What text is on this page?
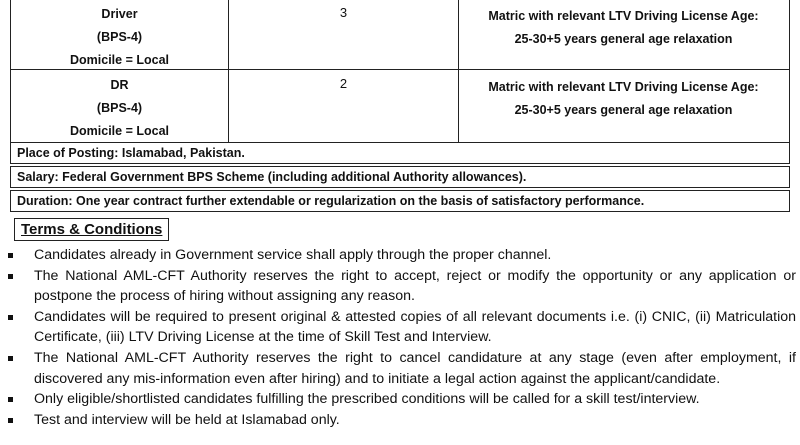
Driver
(BPS-4)
Domicile = Local
3	Matric with relevant LTV Driving License Age:
25-30+5 years general age relaxation
DR
(BPS-4)
Domicile = Local
2	Matric with relevant LTV Driving License Age:
25-30+5 years general age relaxation
Place of Posting: Islamabad, Pakistan.
Salary: Federal Government BPS Scheme (including additional Authority allowances).
Duration: One year contract further extendable or regularization on the basis of satisfactory performance.
Terms & Conditions
Candidates already in Government service shall apply through the proper channel.
The National AML-CFT Authority reserves the right to accept, reject or modify the opportunity or any application or postpone the process of hiring without assigning any reason.
Candidates will be required to present original & attested copies of all relevant documents i.e. (i) CNIC, (ii) Matriculation Certificate, (iii) LTV Driving License at the time of Skill Test and Interview.
The National AML-CFT Authority reserves the right to cancel candidature at any stage (even after employment, if discovered any mis-information even after hiring) and to initiate a legal action against the applicant/candidate.
Only eligible/shortlisted candidates fulfilling the prescribed conditions will be called for a skill test/interview.
Test and interview will be held at Islamabad only.
